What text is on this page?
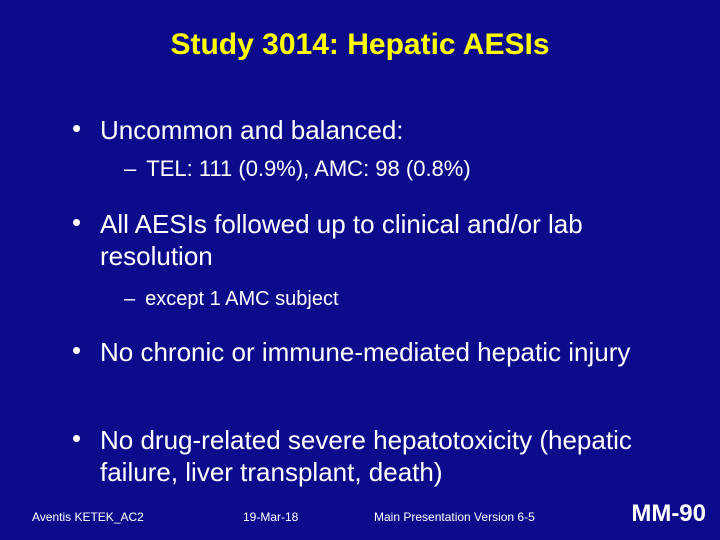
Study 3014: Hepatic AESIs
• Uncommon and balanced:
– TEL: 111 (0.9%), AMC: 98 (0.8%)
• All AESIs followed up to clinical and/or lab resolution
– except 1 AMC subject
• No chronic or immune-mediated hepatic injury
• No drug-related severe hepatotoxicity (hepatic failure, liver transplant, death)
Aventis KETEK_AC2	19-Mar-18	Main Presentation Version 6-5	MM-90
